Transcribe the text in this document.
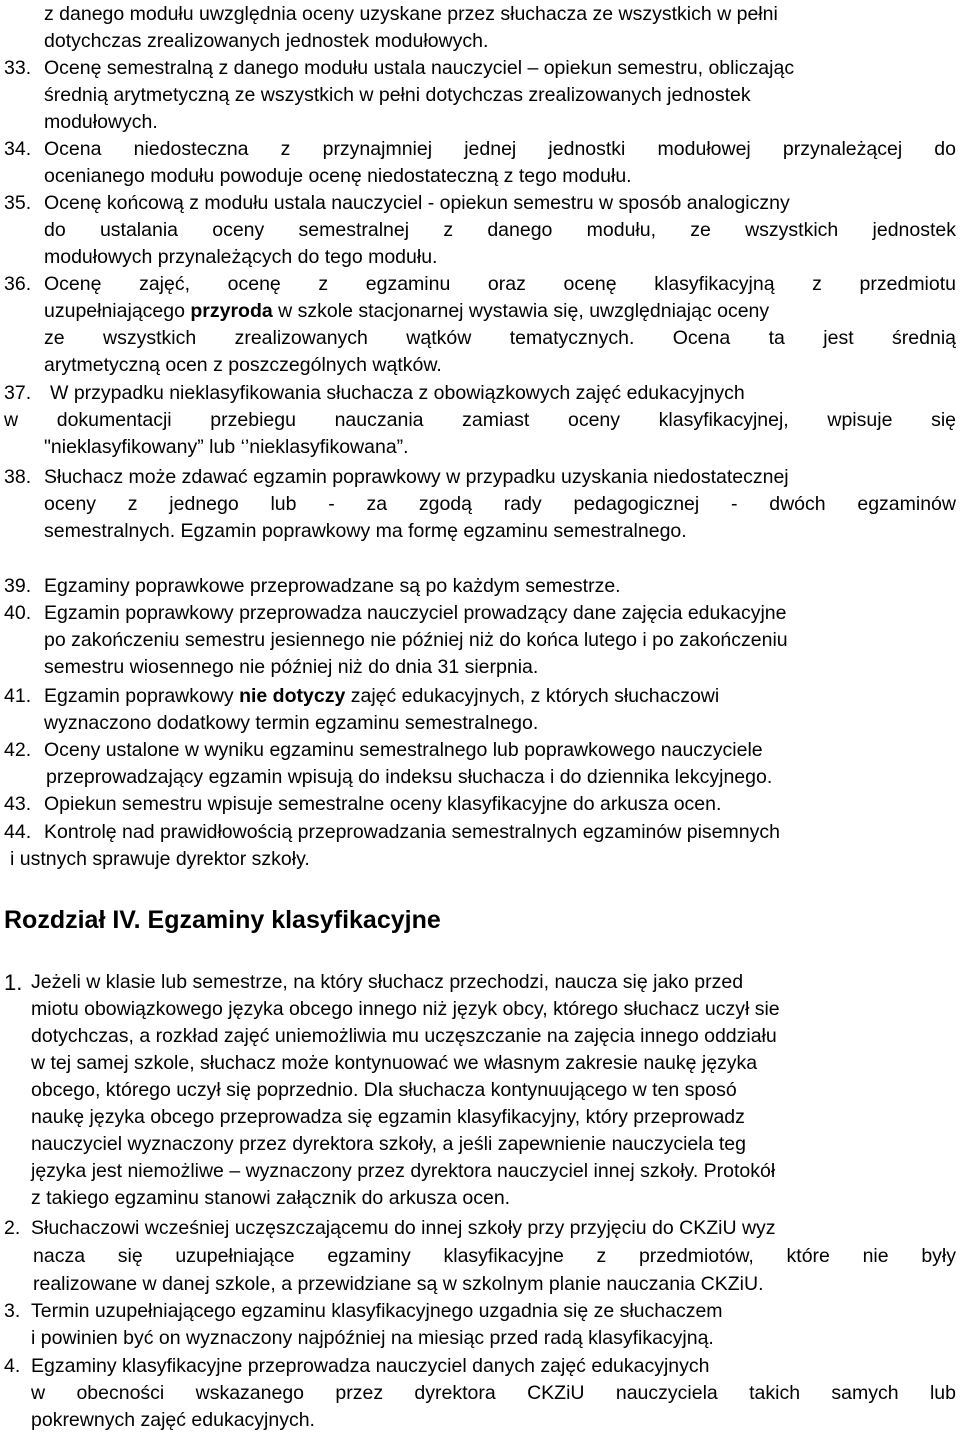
z danego modułu uwzględnia oceny uzyskane przez słuchacza ze wszystkich w pełni
dotychczas zrealizowanych jednostek modułowych.
33. Ocenę semestralną z danego modułu ustala nauczyciel – opiekun semestru, obliczając
średnią arytmetyczną ze wszystkich w pełni dotychczas zrealizowanych jednostek
modułowych.
34. Ocena niedosteczna z przynajmniej jednej jednostki modułowej przynależącej do
ocenianego modułu powoduje ocenę niedostateczną z tego modułu.
35. Ocenę końcową z modułu ustala nauczyciel - opiekun semestru w sposób analogiczny
do ustalania oceny semestralnej z danego modułu, ze wszystkich jednostek
modułowych przynależących do tego modułu.
36. Ocenę zajęć, ocenę z egzaminu oraz ocenę klasyfikacyjną z przedmiotu
uzupełniającego przyroda w szkole stacjonarnej wystawia się, uwzględniając oceny
ze wszystkich zrealizowanych wątków tematycznych. Ocena ta jest średnią
arytmetyczną ocen z poszczególnych wątków.
37. W przypadku nieklasyfikowania słuchacza z obowiązkowych zajęć edukacyjnych
w dokumentacji przebiegu nauczania zamiast oceny klasyfikacyjnej, wpisuje się
"nieklasyfikowany” lub ‘’nieklasyfikowana”.
38. Słuchacz może zdawać egzamin poprawkowy w przypadku uzyskania niedostatecznej
oceny z jednego lub - za zgodą rady pedagogicznej - dwóch egzaminów
semestralnych. Egzamin poprawkowy ma formę egzaminu semestralnego.
39. Egzaminy poprawkowe przeprowadzane są po każdym semestrze.
40. Egzamin poprawkowy przeprowadza nauczyciel prowadzący dane zajęcia edukacyjne
po zakończeniu semestru jesiennego nie później niż do końca lutego i po zakończeniu
semestru wiosennego nie później niż do dnia 31 sierpnia.
41. Egzamin poprawkowy nie dotyczy zajęć edukacyjnych, z których słuchaczowi
wyznaczono dodatkowy termin egzaminu semestralnego.
42. Oceny ustalone w wyniku egzaminu semestralnego lub poprawkowego nauczyciele
przeprowadzający egzamin wpisują do indeksu słuchacza i do dziennika lekcyjnego.
43. Opiekun semestru wpisuje semestralne oceny klasyfikacyjne do arkusza ocen.
44. Kontrolę nad prawidłowością przeprowadzania semestralnych egzaminów pisemnych
i ustnych sprawuje dyrektor szkoły.
Rozdział IV. Egzaminy klasyfikacyjne
1. Jeżeli w klasie lub semestrze, na który słuchacz przechodzi, naucza się jako przed
miotu obowiązkowego języka obcego innego niż język obcy, którego słuchacz uczył sie
dotychczas, a rozkład zajęć uniemożliwia mu uczęszczanie na zajęcia innego oddziału
w tej samej szkole, słuchacz może kontynuować we własnym zakresie naukę języka
obcego, którego uczył się poprzednio. Dla słuchacza kontynuującego w ten sposó
naukę języka obcego przeprowadza się egzamin klasyfikacyjny, który przeprowadz
nauczyciel wyznaczony przez dyrektora szkoły, a jeśli zapewnienie nauczyciela teg
języka jest niemożliwe – wyznaczony przez dyrektora nauczyciel innej szkoły. Protokół
z takiego egzaminu stanowi załącznik do arkusza ocen.
2. Słuchaczowi wcześniej uczęszczającemu do innej szkoły przy przyjęciu do CKZiU wyz
nacza się uzupełniające egzaminy klasyfikacyjne z przedmiotów, które nie były
realizowane w danej szkole, a przewidziane są w szkolnym planie nauczania CKZiU.
3. Termin uzupełniającego egzaminu klasyfikacyjnego uzgadnia się ze słuchaczem
i powinien być on wyznaczony najpóźniej na miesiąc przed radą klasyfikacyjną.
4. Egzaminy klasyfikacyjne przeprowadza nauczyciel danych zajęć edukacyjnych
w obecności wskazanego przez dyrektora CKZiU nauczyciela takich samych lub
pokrewnych zajęć edukacyjnych.
